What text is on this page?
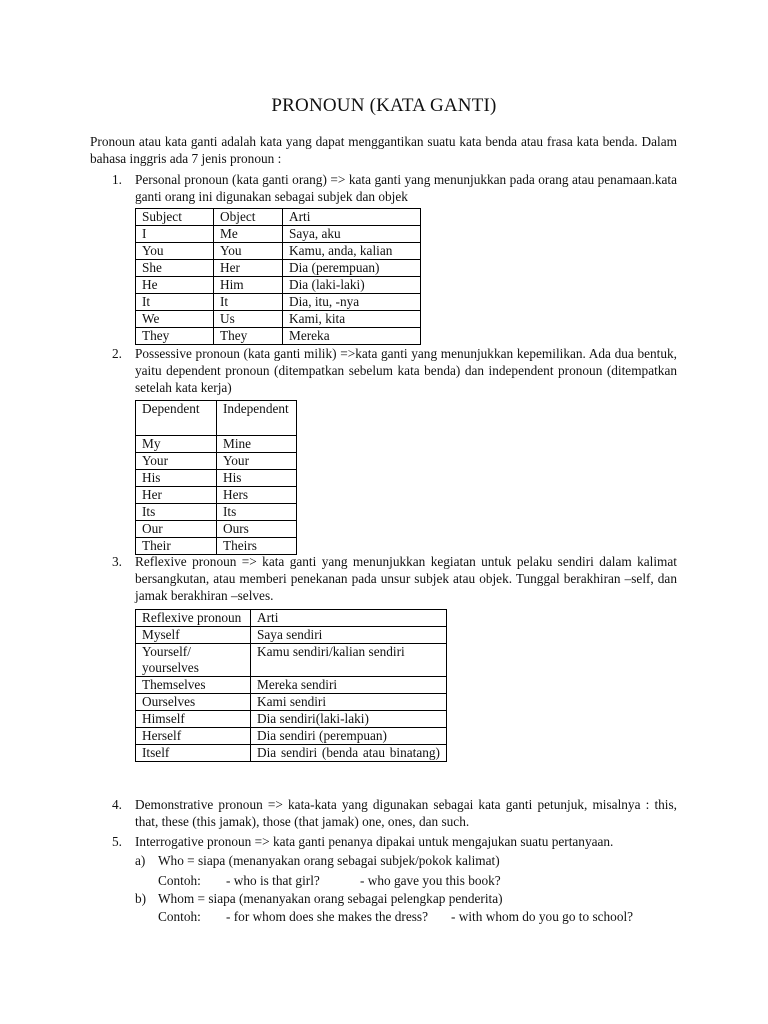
PRONOUN (KATA GANTI)
Pronoun atau kata ganti adalah kata yang dapat menggantikan suatu kata benda atau frasa kata benda. Dalam bahasa inggris ada 7 jenis pronoun :
1. Personal pronoun (kata ganti orang) => kata ganti yang menunjukkan pada orang atau penamaan.kata ganti orang ini digunakan sebagai subjek dan objek
Subject	Object	Arti
I	Me	Saya, aku
You	You	Kamu, anda, kalian
She	Her	Dia (perempuan)
He	Him	Dia (laki-laki)
It	It	Dia, itu, -nya
We	Us	Kami, kita
They	They	Mereka
2. Possessive pronoun (kata ganti milik) =>kata ganti yang menunjukkan kepemilikan. Ada dua bentuk, yaitu dependent pronoun (ditempatkan sebelum kata benda) dan independent pronoun (ditempatkan setelah kata kerja)
Dependent	Independent
My	Mine
Your	Your
His	His
Her	Hers
Its	Its
Our	Ours
Their	Theirs
3. Reflexive pronoun => kata ganti yang menunjukkan kegiatan untuk pelaku sendiri dalam kalimat bersangkutan, atau memberi penekanan pada unsur subjek atau objek. Tunggal berakhiran –self, dan jamak berakhiran –selves.
Reflexive pronoun	Arti
Myself	Saya sendiri
Yourself/ yourselves	Kamu sendiri/kalian sendiri
Themselves	Mereka sendiri
Ourselves	Kami sendiri
Himself	Dia sendiri(laki-laki)
Herself	Dia sendiri (perempuan)
Itself	Dia sendiri (benda atau binatang)
4. Demonstrative pronoun => kata-kata yang digunakan sebagai kata ganti petunjuk, misalnya : this, that, these (this jamak), those (that jamak) one, ones, dan such.
5. Interrogative pronoun => kata ganti penanya dipakai untuk mengajukan suatu pertanyaan.
a) Who = siapa (menanyakan orang sebagai subjek/pokok kalimat)

Contoh:

- who is that girl?

	- who gave you this book?

b) Whom = siapa (menanyakan orang sebagai pelengkap penderita)

Contoh:

- for whom does she makes the dress?

- with whom do you go to school?
